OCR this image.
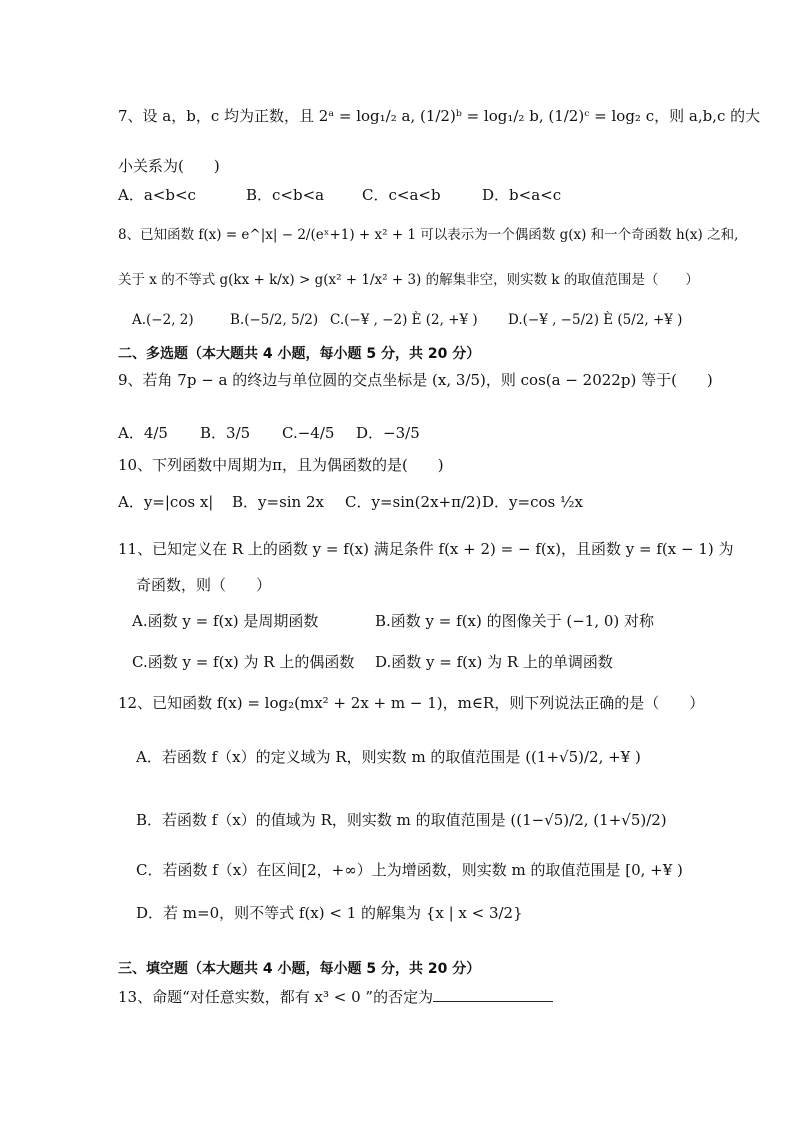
7、设 a，b，c 均为正数，且 2ᵃ = log₁/₂ a, (1/2)ᵇ = log₁/₂ b, (1/2)ᶜ = log₂ c，则 a,b,c 的大
小关系为(　　)
A．a<b<c	B．c<b<a	C．c<a<b	D．b<a<c
8、已知函数 f(x) = e^|x| − 2/(eˣ+1) + x² + 1 可以表示为一个偶函数 g(x) 和一个奇函数 h(x) 之和,
关于 x 的不等式 g(kx + k/x) > g(x² + 1/x² + 3) 的解集非空，则实数 k 的取值范围是（　　）
A.(−2, 2)	B.(−5/2, 5/2) C.(−¥ , −2) È (2, +¥ ) D.(−¥ , −5/2) È (5/2, +¥ )
二、多选题（本大题共 4 小题，每小题 5 分，共 20 分）
9、若角 7p − a 的终边与单位圆的交点坐标是 (x, 3/5)，则 cos(a − 2022p) 等于(　　)
A．4/5 B．3/5 C.−4/5 D．−3/5
10、下列函数中周期为π，且为偶函数的是(　　)
A．y=|cos x| B．y=sin 2x C．y=sin(2x+π/2) D．y=cos ½x
11、已知定义在 R 上的函数 y = f(x) 满足条件 f(x + 2) = − f(x)，且函数 y = f(x − 1) 为
奇函数，则（　　）
A.函数 y = f(x) 是周期函数	B.函数 y = f(x) 的图像关于 (−1, 0) 对称
C.函数 y = f(x) 为 R 上的偶函数 D.函数 y = f(x) 为 R 上的单调函数
12、已知函数 f(x) = log₂(mx² + 2x + m − 1)，m∈R，则下列说法正确的是（　　）
A．若函数 f（x）的定义域为 R，则实数 m 的取值范围是 ((1+√5)/2, +¥ )
B．若函数 f（x）的值域为 R，则实数 m 的取值范围是 ((1−√5)/2, (1+√5)/2)
C．若函数 f（x）在区间[2，+∞）上为增函数，则实数 m 的取值范围是 [0, +¥ )
D．若 m=0，则不等式 f(x) < 1 的解集为 {x | x < 3/2}
三、填空题（本大题共 4 小题，每小题 5 分，共 20 分）
13、命题“对任意实数，都有 x³ < 0 ”的否定为
